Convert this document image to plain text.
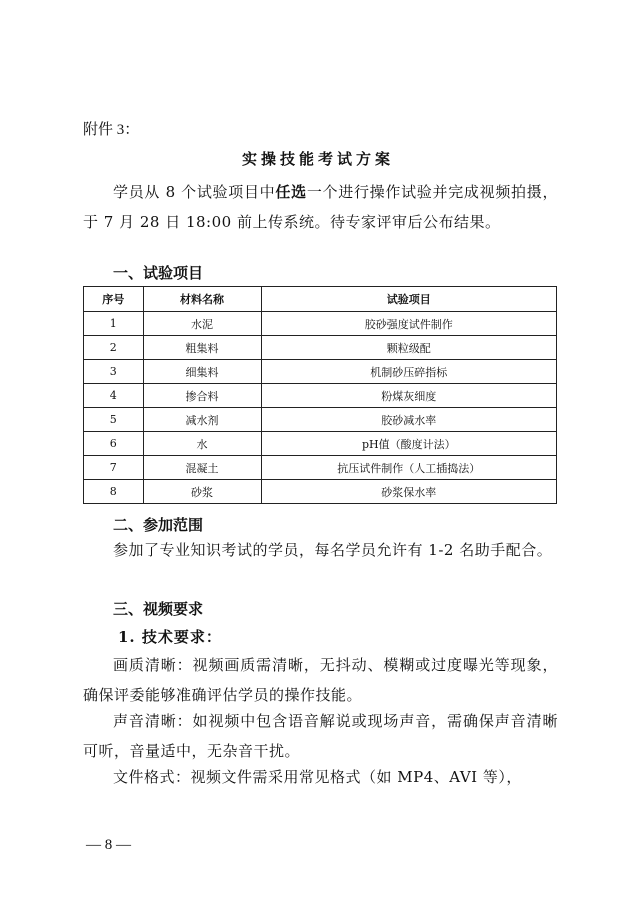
附件 3：
实操技能考试方案
学员从 8 个试验项目中任选一个进行操作试验并完成视频拍摄，于 7 月 28 日 18:00 前上传系统。待专家评审后公布结果。
一、试验项目
序号	材料名称	试验项目
1	水泥	胶砂强度试件制作
2	粗集料	颗粒级配
3	细集料	机制砂压碎指标
4	掺合料	粉煤灰细度
5	减水剂	胶砂减水率
6	水	pH值（酸度计法）
7	混凝土	抗压试件制作（人工插捣法）
8	砂浆	砂浆保水率
二、参加范围
参加了专业知识考试的学员，每名学员允许有 1-2 名助手配合。
三、视频要求
1. 技术要求：
画质清晰：视频画质需清晰，无抖动、模糊或过度曝光等现象，确保评委能够准确评估学员的操作技能。
声音清晰：如视频中包含语音解说或现场声音，需确保声音清晰可听，音量适中，无杂音干扰。
文件格式：视频文件需采用常见格式（如 MP4、AVI 等），
— 8 —
